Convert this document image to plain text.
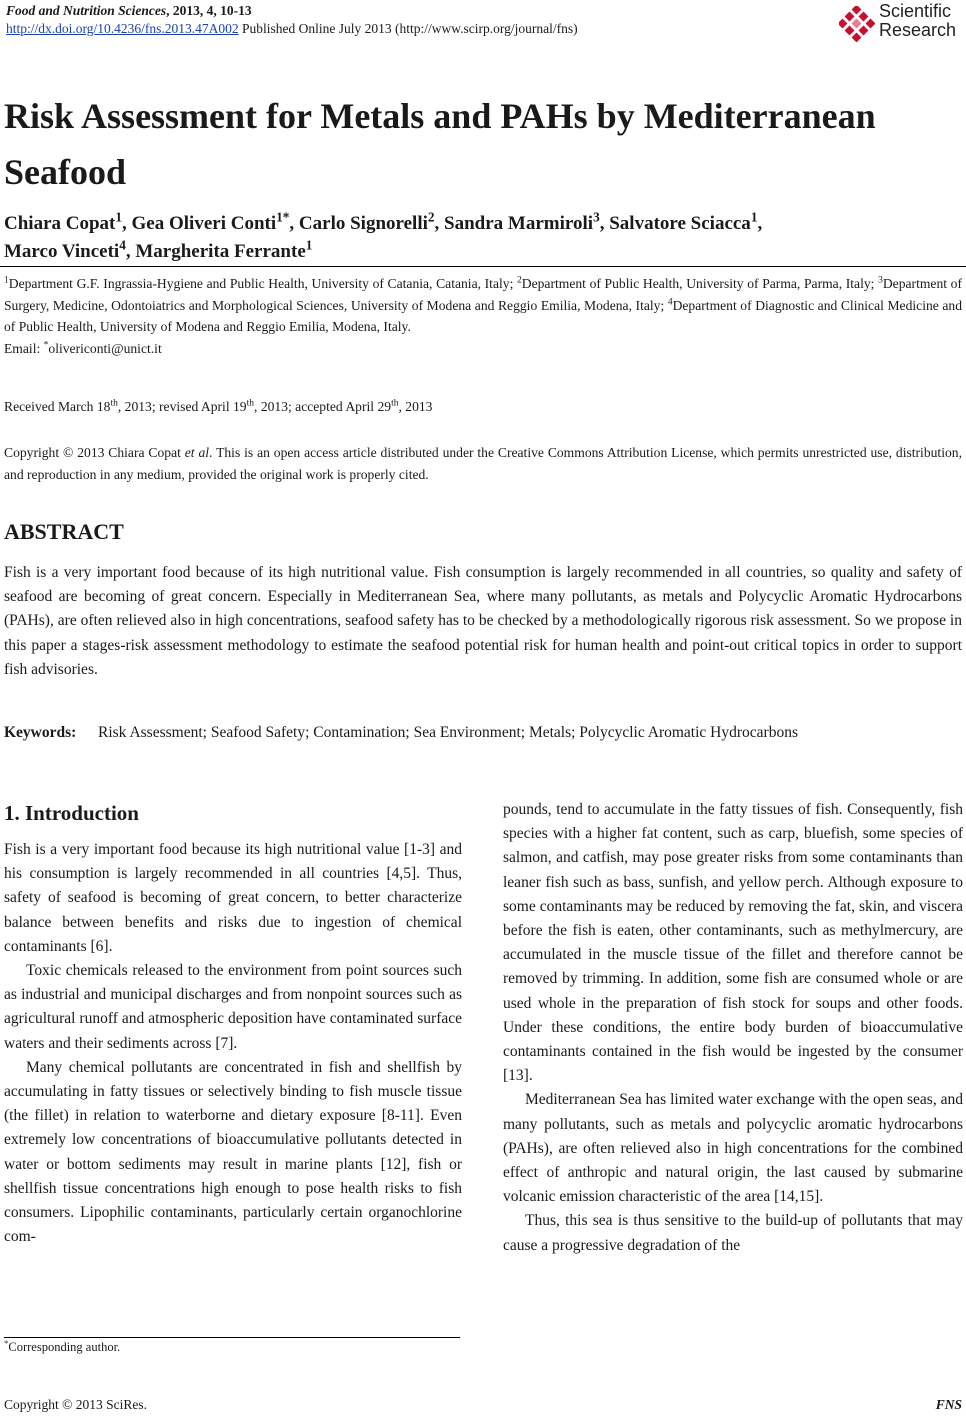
Food and Nutrition Sciences, 2013, 4, 10-13
http://dx.doi.org/10.4236/fns.2013.47A002 Published Online July 2013 (http://www.scirp.org/journal/fns)
Scientific
Research
Risk Assessment for Metals and PAHs by Mediterranean Seafood
Chiara Copat$^1$, Gea Oliveri Conti$^{1*}$, Carlo Signorelli$^2$, Sandra Marmiroli$^3$, Salvatore Sciacca$^1$,
Marco Vinceti$^4$, Margherita Ferrante$^1$
$^1$Department G.F. Ingrassia-Hygiene and Public Health, University of Catania, Catania, Italy; $^2$Department of Public Health, University of Parma, Parma, Italy; $^3$Department of Surgery, Medicine, Odontoiatrics and Morphological Sciences, University of Modena and Reggio Emilia, Modena, Italy; $^4$Department of Diagnostic and Clinical Medicine and of Public Health, University of Modena and Reggio Emilia, Modena, Italy.
Email: *olivericonti@unict.it
Received March 18th, 2013; revised April 19th, 2013; accepted April 29th, 2013
Copyright © 2013 Chiara Copat et al. This is an open access article distributed under the Creative Commons Attribution License, which permits unrestricted use, distribution, and reproduction in any medium, provided the original work is properly cited.
ABSTRACT
Fish is a very important food because of its high nutritional value. Fish consumption is largely recommended in all countries, so quality and safety of seafood are becoming of great concern. Especially in Mediterranean Sea, where many pollutants, as metals and Polycyclic Aromatic Hydrocarbons (PAHs), are often relieved also in high concentrations, seafood safety has to be checked by a methodologically rigorous risk assessment. So we propose in this paper a stages-risk assessment methodology to estimate the seafood potential risk for human health and point-out critical topics in order to support fish advisories.
Keywords: Risk Assessment; Seafood Safety; Contamination; Sea Environment; Metals; Polycyclic Aromatic Hydrocarbons
1. Introduction

Fish is a very important food because its high nutritional value [1-3] and his consumption is largely recommended in all countries [4,5]. Thus, safety of seafood is becoming of great concern, to better characterize balance between benefits and risks due to ingestion of chemical contaminants [6].

Toxic chemicals released to the environment from point sources such as industrial and municipal discharges and from nonpoint sources such as agricultural runoff and atmospheric deposition have contaminated surface waters and their sediments across [7].

Many chemical pollutants are concentrated in fish and shellfish by accumulating in fatty tissues or selectively binding to fish muscle tissue (the fillet) in relation to waterborne and dietary exposure [8-11]. Even extremely low concentrations of bioaccumulative pollutants detected in water or bottom sediments may result in marine plants [12], fish or shellfish tissue concentrations high enough to pose health risks to fish consumers. Lipophilic contaminants, particularly certain organochlorine com-

pounds, tend to accumulate in the fatty tissues of fish. Consequently, fish species with a higher fat content, such as carp, bluefish, some species of salmon, and catfish, may pose greater risks from some contaminants than leaner fish such as bass, sunfish, and yellow perch. Although exposure to some contaminants may be reduced by removing the fat, skin, and viscera before the fish is eaten, other contaminants, such as methylmercury, are accumulated in the muscle tissue of the fillet and therefore cannot be removed by trimming. In addition, some fish are consumed whole or are used whole in the preparation of fish stock for soups and other foods. Under these conditions, the entire body burden of bioaccumulative contaminants contained in the fish would be ingested by the consumer [13].

Mediterranean Sea has limited water exchange with the open seas, and many pollutants, such as metals and polycyclic aromatic hydrocarbons (PAHs), are often relieved also in high concentrations for the combined effect of anthropic and natural origin, the last caused by submarine volcanic emission characteristic of the area [14,15].

Thus, this sea is thus sensitive to the build-up of pollutants that may cause a progressive degradation of the

*Corresponding author.
Copyright © 2013 SciRes.	FNS
